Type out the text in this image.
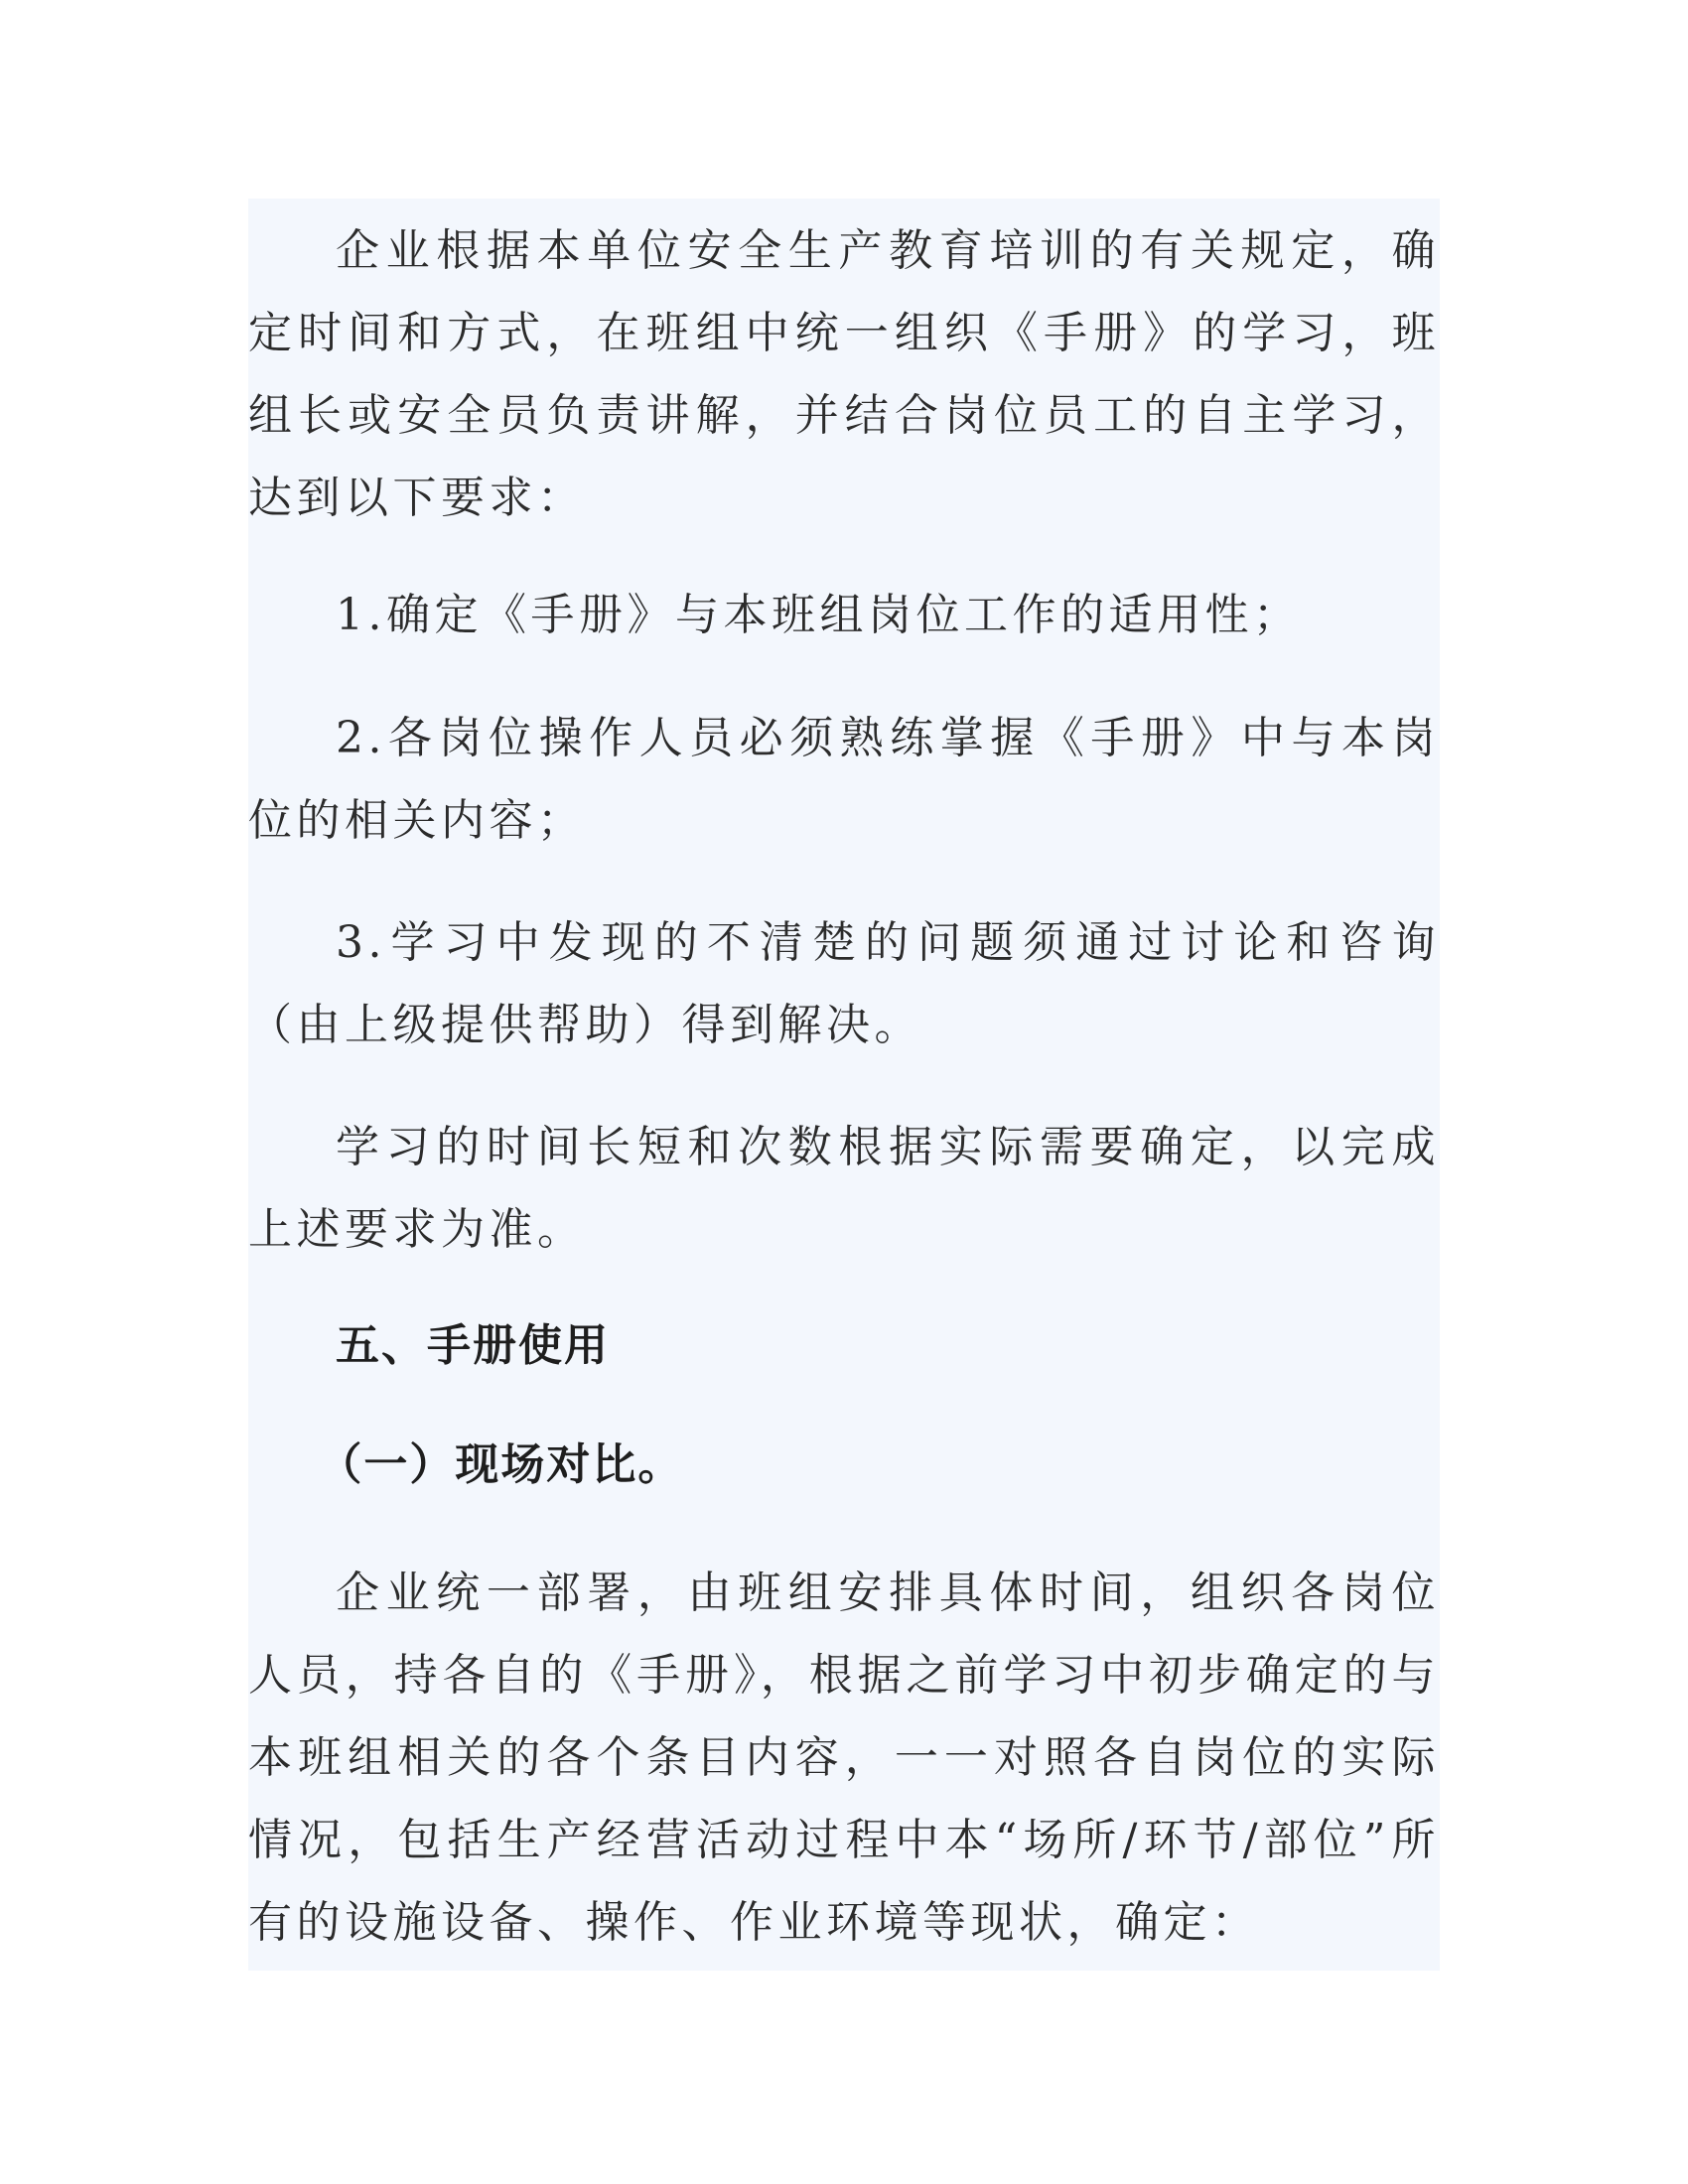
企业根据本单位安全生产教育培训的有关规定，确定时间和方式，在班组中统一组织《手册》的学习，班组长或安全员负责讲解，并结合岗位员工的自主学习，达到以下要求：

1.确定《手册》与本班组岗位工作的适用性；

2.各岗位操作人员必须熟练掌握《手册》中与本岗位的相关内容；

3.学习中发现的不清楚的问题须通过讨论和咨询（由上级提供帮助）得到解决。

学习的时间长短和次数根据实际需要确定，以完成上述要求为准。

五、手册使用
（一）现场对比。

企业统一部署，由班组安排具体时间，组织各岗位人员，持各自的《手册》，根据之前学习中初步确定的与本班组相关的各个条目内容，一一对照各自岗位的实际情况，包括生产经营活动过程中本“场所/环节/部位”所有的设施设备、操作、作业环境等现状，确定：
